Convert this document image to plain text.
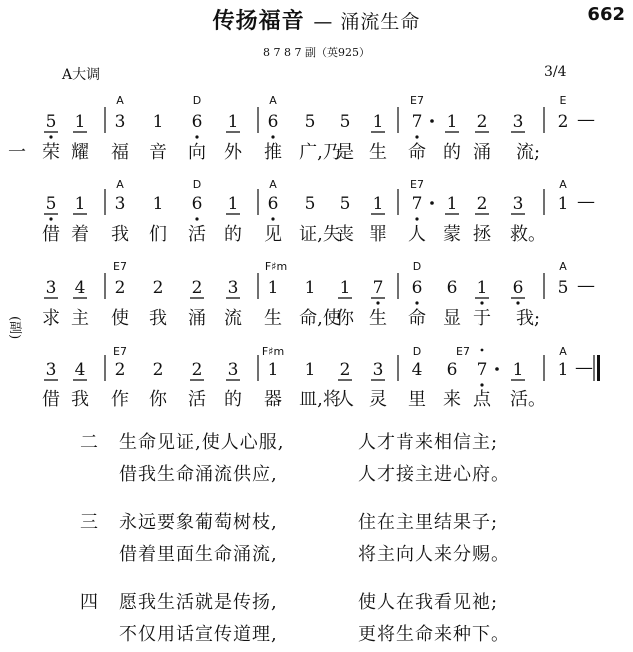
传扬福音 — 涌流生命	662
8 7 8 7 副（英925）
A大调	3/4
A	D	A	E7	E
5 1 3 1 6 1 6 5 5 1 7 1 2 3 2 —
荣 耀 福 音 向 外 推 广,乃
是 生 命 的 涌 流;
一
A	D	A	E7	A
5 1 3 1 6 1 6 5 5 1 7 1 2 3 1 —
借 着 我 们 活 的 见 证,失
丧 罪 人 蒙 拯 救。
E7	F♯m	D	A
3 4 2 2 2 3 1 1 1 7 6 6 1 6 5 —
求 主 使 我 涌 流 生 命,使
你 生 命 显 于 我;
(副)
E7	F♯m	D	E7	A
3 4 2 2 2 3 1 1 2 3 4 6 7 1 1 —
借 我 作 你 活 的 器 皿,将
人 灵 里 来 点 活。
二 生命见证,使人心服,	人才肯来相信主;
借我生命涌流供应,	人才接主进心府。
三 永远要象葡萄树枝,	住在主里结果子;
借着里面生命涌流,	将主向人来分赐。
四 愿我生活就是传扬,	使人在我看见祂;
不仅用话宣传道理,	更将生命来种下。
